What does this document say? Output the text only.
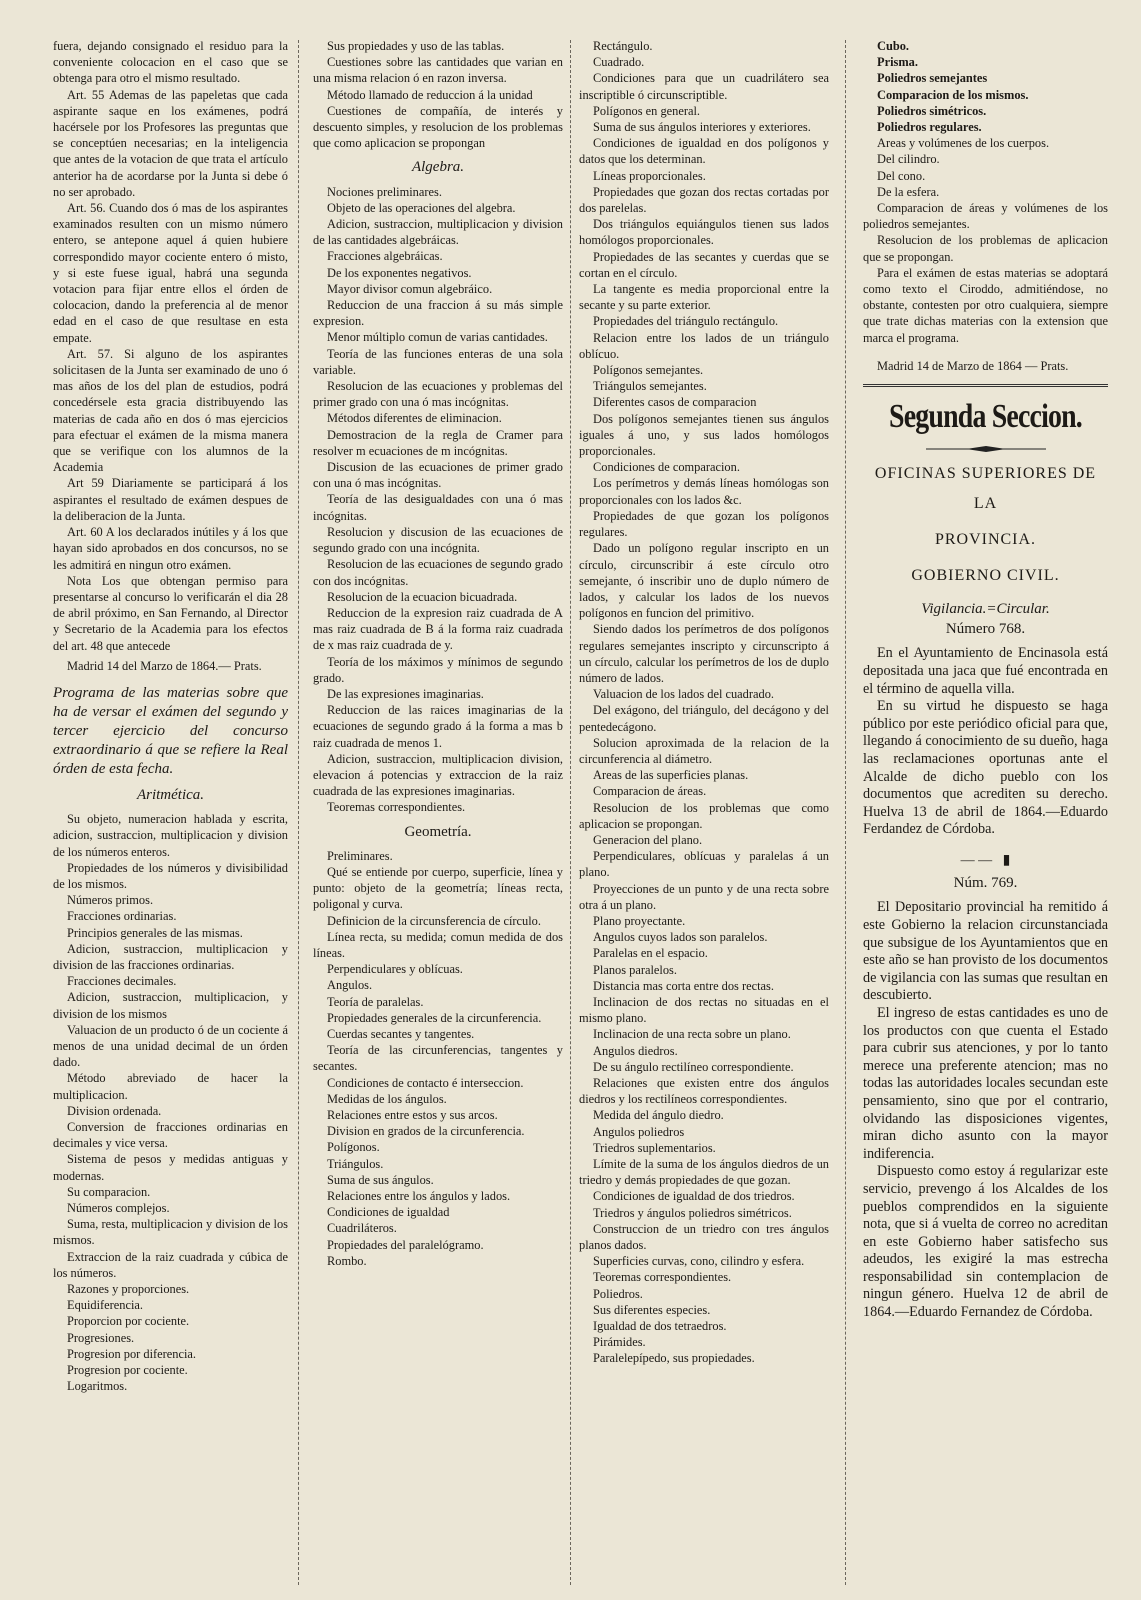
fuera, dejando consignado el residuo para la conveniente colocacion en el caso que se obtenga para otro el mismo resultado.

Art. 55 Ademas de las papeletas que cada aspirante saque en los exámenes, podrá hacérsele por los Profesores las preguntas que se conceptúen necesarias; en la inteligencia que antes de la votacion de que trata el artículo anterior ha de acordarse por la Junta si debe ó no ser aprobado.

Art. 56. Cuando dos ó mas de los aspirantes examinados resulten con un mismo número entero, se antepone aquel á quien hubiere correspondido mayor cociente entero ó misto, y si este fuese igual, habrá una segunda votacion para fijar entre ellos el órden de colocacion, dando la preferencia al de menor edad en el caso de que resultase en esta empate.

Art. 57. Si alguno de los aspirantes solicitasen de la Junta ser examinado de uno ó mas años de los del plan de estudios, podrá concedérsele esta gracia distribuyendo las materias de cada año en dos ó mas ejercicios para efectuar el exámen de la misma manera que se verifique con los alumnos de la Academia

Art 59 Diariamente se participará á los aspirantes el resultado de exámen despues de la deliberacion de la Junta.

Art. 60 A los declarados inútiles y á los que hayan sido aprobados en dos concursos, no se les admitirá en ningun otro exámen.

Nota Los que obtengan permiso para presentarse al concurso lo verificarán el dia 28 de abril próximo, en San Fernando, al Director y Secretario de la Academia para los efectos del art. 48 que antecede

Madrid 14 del Marzo de 1864.— Prats.

Programa de las materias sobre que ha de versar el exámen del segundo y tercer ejercicio del concurso extraordinario á que se refiere la Real órden de esta fecha.

Aritmética.

Su objeto, numeracion hablada y escrita, adicion, sustraccion, multiplicacion y division de los números enteros.

Propiedades de los números y divisibilidad de los mismos.

Números primos.

Fracciones ordinarias.

Principios generales de las mismas.

Adicion, sustraccion, multiplicacion y division de las fracciones ordinarias.

Fracciones decimales.

Adicion, sustraccion, multiplicacion, y division de los mismos

Valuacion de un producto ó de un cociente á menos de una unidad decimal de un órden dado.

Método abreviado de hacer la multiplicacion.

Division ordenada.

Conversion de fracciones ordinarias en decimales y vice versa.

Sistema de pesos y medidas antiguas y modernas.

Su comparacion.

Números complejos.

Suma, resta, multiplicacion y division de los mismos.

Extraccion de la raiz cuadrada y cúbica de los números.

Razones y proporciones.

Equidiferencia.

Proporcion por cociente.

Progresiones.

Progresion por diferencia.

Progresion por cociente.

Logaritmos.

Sus propiedades y uso de las tablas.

Cuestiones sobre las cantidades que varian en una misma relacion ó en razon inversa.

Método llamado de reduccion á la unidad

Cuestiones de compañía, de interés y descuento simples, y resolucion de los problemas que como aplicacion se propongan

Algebra.

Nociones preliminares.

Objeto de las operaciones del algebra.

Adicion, sustraccion, multiplicacion y division de las cantidades algebráicas.

Fracciones algebráicas.

De los exponentes negativos.

Mayor divisor comun algebráico.

Reduccion de una fraccion á su más simple expresion.

Menor múltiplo comun de varias cantidades.

Teoría de las funciones enteras de una sola variable.

Resolucion de las ecuaciones y problemas del primer grado con una ó mas incógnitas.

Métodos diferentes de eliminacion.

Demostracion de la regla de Cramer para resolver m ecuaciones de m incógnitas.

Discusion de las ecuaciones de primer grado con una ó mas incógnitas.

Teoría de las desigualdades con una ó mas incógnitas.

Resolucion y discusion de las ecuaciones de segundo grado con una incógnita.

Resolucion de las ecuaciones de segundo grado con dos incógnitas.

Resolucion de la ecuacion bicuadrada.

Reduccion de la expresion raiz cuadrada de A mas raiz cuadrada de B á la forma raiz cuadrada de x mas raiz cuadrada de y.

Teoría de los máximos y mínimos de segundo grado.

De las expresiones imaginarias.

Reduccion de las raices imaginarias de la ecuaciones de segundo grado á la forma a mas b raiz cuadrada de menos 1.

Adicion, sustraccion, multiplicacion division, elevacion á potencias y extraccion de la raiz cuadrada de las expresiones imaginarias.

Teoremas correspondientes.

Geometría.

Preliminares.

Qué se entiende por cuerpo, superficie, línea y punto: objeto de la geometría; líneas recta, poligonal y curva.

Definicion de la circunsferencia de círculo.

Línea recta, su medida; comun medida de dos líneas.

Perpendiculares y oblícuas.

Angulos.

Teoría de paralelas.

Propiedades generales de la circunferencia.

Cuerdas secantes y tangentes.

Teoría de las circunferencias, tangentes y secantes.

Condiciones de contacto é interseccion.

Medidas de los ángulos.

Relaciones entre estos y sus arcos.

Division en grados de la circunferencia.

Polígonos.

Triángulos.

Suma de sus ángulos.

Relaciones entre los ángulos y lados.

Condiciones de igualdad

Cuadriláteros.

Propiedades del paralelógramo.

Rombo.

Rectángulo.

Cuadrado.

Condiciones para que un cuadrilátero sea inscriptible ó circunscriptible.

Polígonos en general.

Suma de sus ángulos interiores y exteriores.

Condiciones de igualdad en dos polígonos y datos que los determinan.

Líneas proporcionales.

Propiedades que gozan dos rectas cortadas por dos parelelas.

Dos triángulos equiángulos tienen sus lados homólogos proporcionales.

Propiedades de las secantes y cuerdas que se cortan en el círculo.

La tangente es media proporcional entre la secante y su parte exterior.

Propiedades del triángulo rectángulo.

Relacion entre los lados de un triángulo oblícuo.

Polígonos semejantes.

Triángulos semejantes.

Diferentes casos de comparacion

Dos polígonos semejantes tienen sus ángulos iguales á uno, y sus lados homólogos proporcionales.

Condiciones de comparacion.

Los perímetros y demás líneas homólogas son proporcionales con los lados &c.

Propiedades de que gozan los polígonos regulares.

Dado un polígono regular inscripto en un círculo, circunscribir á este círculo otro semejante, ó inscribir uno de duplo número de lados, y calcular los lados de los nuevos polígonos en funcion del primitivo.

Siendo dados los perímetros de dos polígonos regulares semejantes inscripto y circunscripto á un círculo, calcular los perímetros de los de duplo número de lados.

Valuacion de los lados del cuadrado.

Del exágono, del triángulo, del decágono y del pentedecágono.

Solucion aproximada de la relacion de la circunferencia al diámetro.

Areas de las superficies planas.

Comparacion de áreas.

Resolucion de los problemas que como aplicacion se propongan.

Generacion del plano.

Perpendiculares, oblícuas y paralelas á un plano.

Proyecciones de un punto y de una recta sobre otra á un plano.

Plano proyectante.

Angulos cuyos lados son paralelos.

Paralelas en el espacio.

Planos paralelos.

Distancia mas corta entre dos rectas.

Inclinacion de dos rectas no situadas en el mismo plano.

Inclinacion de una recta sobre un plano.

Angulos diedros.

De su ángulo rectilíneo correspondiente.

Relaciones que existen entre dos ángulos diedros y los rectilíneos correspondientes.

Medida del ángulo diedro.

Angulos poliedros

Triedros suplementarios.

Límite de la suma de los ángulos diedros de un triedro y demás propiedades de que gozan.

Condiciones de igualdad de dos triedros.

Triedros y ángulos poliedros simétricos.

Construccion de un triedro con tres ángulos planos dados.

Superficies curvas, cono, cilindro y esfera.

Teoremas correspondientes.

Poliedros.

Sus diferentes especies.

Igualdad de dos tetraedros.

Pirámides.

Paralelepípedo, sus propiedades.

Cubo.

Prisma.

Poliedros semejantes

Comparacion de los mismos.

Poliedros simétricos.

Poliedros regulares.

Areas y volúmenes de los cuerpos.

Del cilindro.

Del cono.

De la esfera.

Comparacion de áreas y volúmenes de los poliedros semejantes.

Resolucion de los problemas de aplicacion que se propongan.

Para el exámen de estas materias se adoptará como texto el Ciroddo, admitiéndose, no obstante, contesten por otro cualquiera, siempre que trate dichas materias con la extension que marca el programa.

Madrid 14 de Marzo de 1864 — Prats.

Segunda Seccion.

OFICINAS SUPERIORES DE LA

PROVINCIA.

GOBIERNO CIVIL.

Vigilancia.=Circular.

Número 768.

En el Ayuntamiento de Encinasola está depositada una jaca que fué encontrada en el término de aquella villa.

En su virtud he dispuesto se haga público por este periódico oficial para que, llegando á conocimiento de su dueño, haga las reclamaciones oportunas ante el Alcalde de dicho pueblo con los documentos que acrediten su derecho. Huelva 13 de abril de 1864.—Eduardo Ferdandez de Córdoba.

— —   ▮

Núm. 769.

El Depositario provincial ha remitido á este Gobierno la relacion circunstanciada que subsigue de los Ayuntamientos que en este año se han provisto de los documentos de vigilancia con las sumas que resultan en descubierto.

El ingreso de estas cantidades es uno de los productos con que cuenta el Estado para cubrir sus atenciones, y por lo tanto merece una preferente atencion; mas no todas las autoridades locales secundan este pensamiento, sino que por el contrario, olvidando las disposiciones vigentes, miran dicho asunto con la mayor indiferencia.

Dispuesto como estoy á regularizar este servicio, prevengo á los Alcaldes de los pueblos comprendidos en la siguiente nota, que si á vuelta de correo no acreditan en este Gobierno haber satisfecho sus adeudos, les exigiré la mas estrecha responsabilidad sin contemplacion de ningun género. Huelva 12 de abril de 1864.—Eduardo Fernandez de Córdoba.
